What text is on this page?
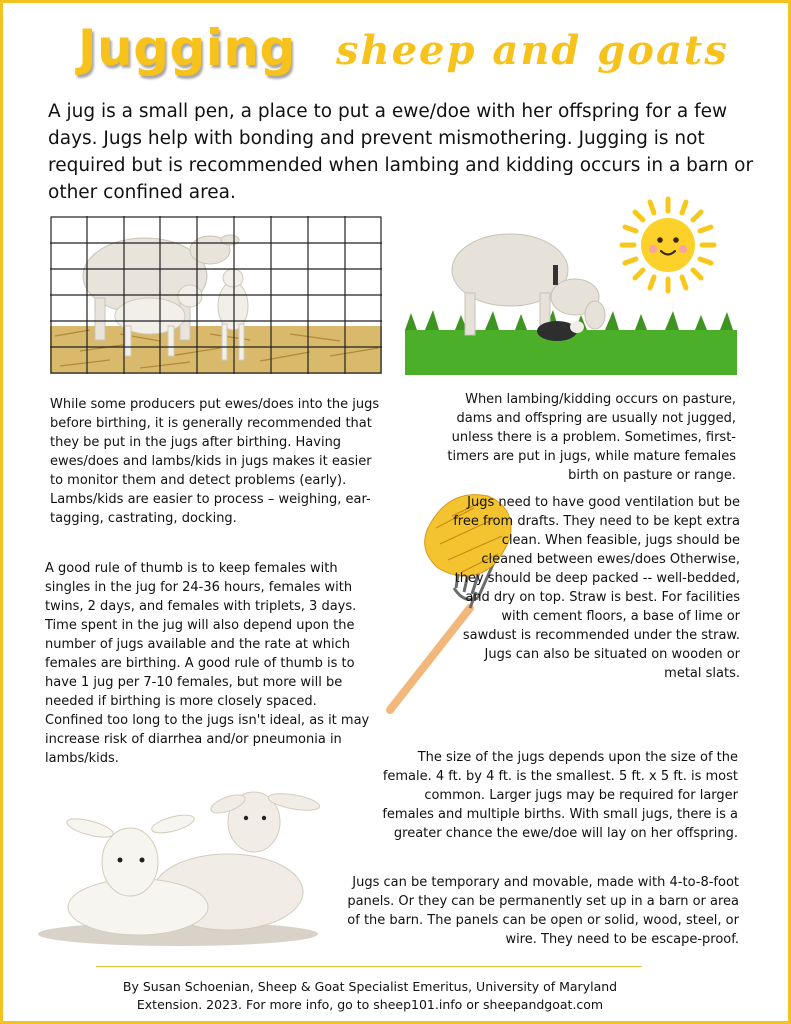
Jugging sheep and goats
A jug is a small pen, a place to put a ewe/doe with her offspring for a few days. Jugs help with bonding and prevent mismothering. Jugging is not required but is recommended when lambing and kidding occurs in a barn or other confined area.
While some producers put ewes/does into the jugs before birthing, it is generally recommended that they be put in the jugs after birthing. Having ewes/does and lambs/kids in jugs makes it easier to monitor them and detect problems (early). Lambs/kids are easier to process – weighing, ear-tagging, castrating, docking.
A good rule of thumb is to keep females with singles in the jug for 24-36 hours, females with twins, 2 days, and females with triplets, 3 days. Time spent in the jug will also depend upon the number of jugs available and the rate at which females are birthing. A good rule of thumb is to have 1 jug per 7-10 females, but more will be needed if birthing is more closely spaced. Confined too long to the jugs isn't ideal, as it may increase risk of diarrhea and/or pneumonia in lambs/kids.
When lambing/kidding occurs on pasture, dams and offspring are usually not jugged, unless there is a problem. Sometimes, first-timers are put in jugs, while mature females birth on pasture or range.
Jugs need to have good ventilation but be free from drafts. They need to be kept extra clean. When feasible, jugs should be cleaned between ewes/does Otherwise, they should be deep packed -- well-bedded, and dry on top. Straw is best. For facilities with cement floors, a base of lime or sawdust is recommended under the straw. Jugs can also be situated on wooden or metal slats.
The size of the jugs depends upon the size of the female. 4 ft. by 4 ft. is the smallest. 5 ft. x 5 ft. is most common. Larger jugs may be required for larger females and multiple births. With small jugs, there is a greater chance the ewe/doe will lay on her offspring.
Jugs can be temporary and movable, made with 4-to-8-foot panels. Or they can be permanently set up in a barn or area of the barn. The panels can be open or solid, wood, steel, or wire. They need to be escape-proof.
By Susan Schoenian, Sheep & Goat Specialist Emeritus, University of Maryland Extension. 2023. For more info, go to sheep101.info or sheepandgoat.com
